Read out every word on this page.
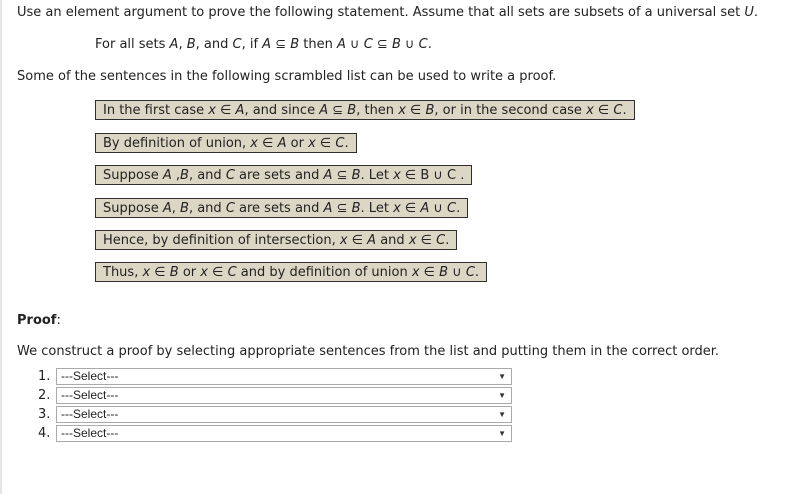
Use an element argument to prove the following statement. Assume that all sets are subsets of a universal set U.
For all sets A, B, and C, if A ⊆ B then A ∪ C ⊆ B ∪ C.
Some of the sentences in the following scrambled list can be used to write a proof.
In the first case x ∈ A, and since A ⊆ B, then x ∈ B, or in the second case x ∈ C.
By definition of union, x ∈ A or x ∈ C.
Suppose A ,B, and C are sets and A ⊆ B. Let x ∈ B ∪ C .
Suppose A, B, and C are sets and A ⊆ B. Let x ∈ A ∪ C.
Hence, by definition of intersection, x ∈ A and x ∈ C.
Thus, x ∈ B or x ∈ C and by definition of union x ∈ B ∪ C.
Proof:
We construct a proof by selecting appropriate sentences from the list and putting them in the correct order.
1. ---Select---	▼
2. ---Select---	▼
3. ---Select---	▼
4. ---Select---	▼
